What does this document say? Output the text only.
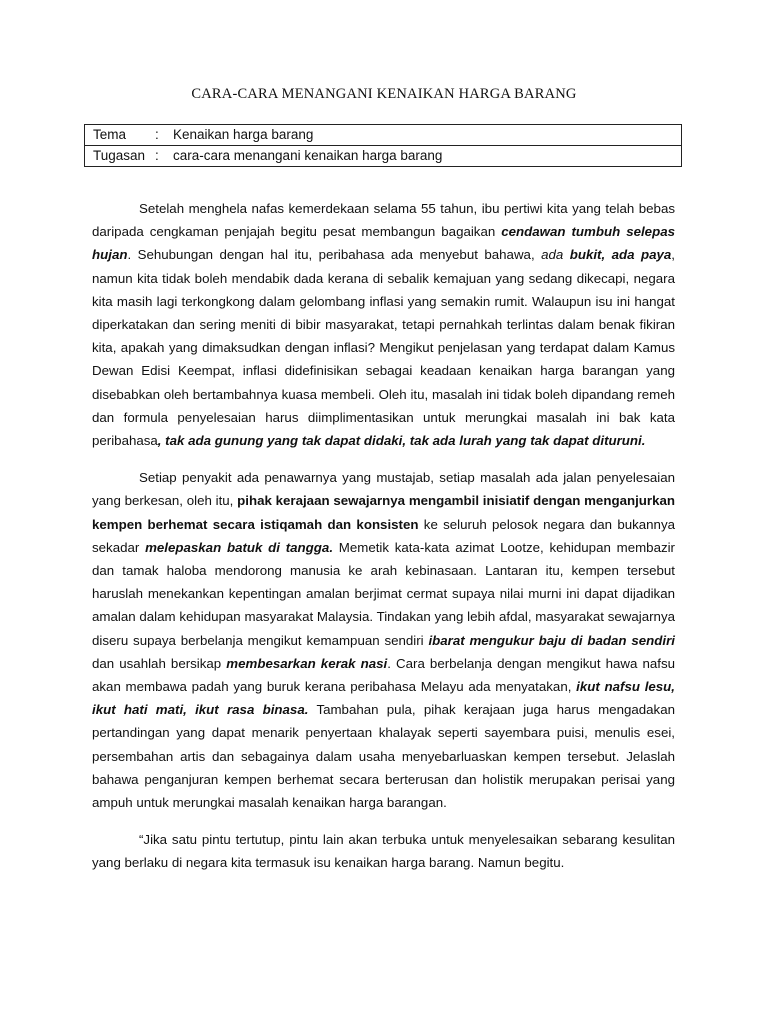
CARA-CARA MENANGANI KENAIKAN HARGA BARANG
Tema : Kenaikan harga barang
Tugasan : cara-cara menangani kenaikan harga barang

Setelah menghela nafas kemerdekaan selama 55 tahun, ibu pertiwi kita yang telah bebas daripada cengkaman penjajah begitu pesat membangun bagaikan cendawan tumbuh selepas hujan. Sehubungan dengan hal itu, peribahasa ada menyebut bahawa, ada bukit, ada paya, namun kita tidak boleh mendabik dada kerana di sebalik kemajuan yang sedang dikecapi, negara kita masih lagi terkongkong dalam gelombang inflasi yang semakin rumit. Walaupun isu ini hangat diperkatakan dan sering meniti di bibir masyarakat, tetapi pernahkah terlintas dalam benak fikiran kita, apakah yang dimaksudkan dengan inflasi? Mengikut penjelasan yang terdapat dalam Kamus Dewan Edisi Keempat, inflasi didefinisikan sebagai keadaan kenaikan harga barangan yang disebabkan oleh bertambahnya kuasa membeli. Oleh itu, masalah ini tidak boleh dipandang remeh dan formula penyelesaian harus diimplimentasikan untuk merungkai masalah ini bak kata peribahasa, tak ada gunung yang tak dapat didaki, tak ada lurah yang tak dapat dituruni.

Setiap penyakit ada penawarnya yang mustajab, setiap masalah ada jalan penyelesaian yang berkesan, oleh itu, pihak kerajaan sewajarnya mengambil inisiatif dengan menganjurkan kempen berhemat secara istiqamah dan konsisten ke seluruh pelosok negara dan bukannya sekadar melepaskan batuk di tangga. Memetik kata-kata azimat Lootze, kehidupan membazir dan tamak haloba mendorong manusia ke arah kebinasaan. Lantaran itu, kempen tersebut haruslah menekankan kepentingan amalan berjimat cermat supaya nilai murni ini dapat dijadikan amalan dalam kehidupan masyarakat Malaysia. Tindakan yang lebih afdal, masyarakat sewajarnya diseru supaya berbelanja mengikut kemampuan sendiri ibarat mengukur baju di badan sendiri dan usahlah bersikap membesarkan kerak nasi. Cara berbelanja dengan mengikut hawa nafsu akan membawa padah yang buruk kerana peribahasa Melayu ada menyatakan, ikut nafsu lesu, ikut hati mati, ikut rasa binasa. Tambahan pula, pihak kerajaan juga harus mengadakan pertandingan yang dapat menarik penyertaan khalayak seperti sayembara puisi, menulis esei, persembahan artis dan sebagainya dalam usaha menyebarluaskan kempen tersebut. Jelaslah bahawa penganjuran kempen berhemat secara berterusan dan holistik merupakan perisai yang ampuh untuk merungkai masalah kenaikan harga barangan.

“Jika satu pintu tertutup, pintu lain akan terbuka untuk menyelesaikan sebarang kesulitan yang berlaku di negara kita termasuk isu kenaikan harga barang. Namun begitu.
